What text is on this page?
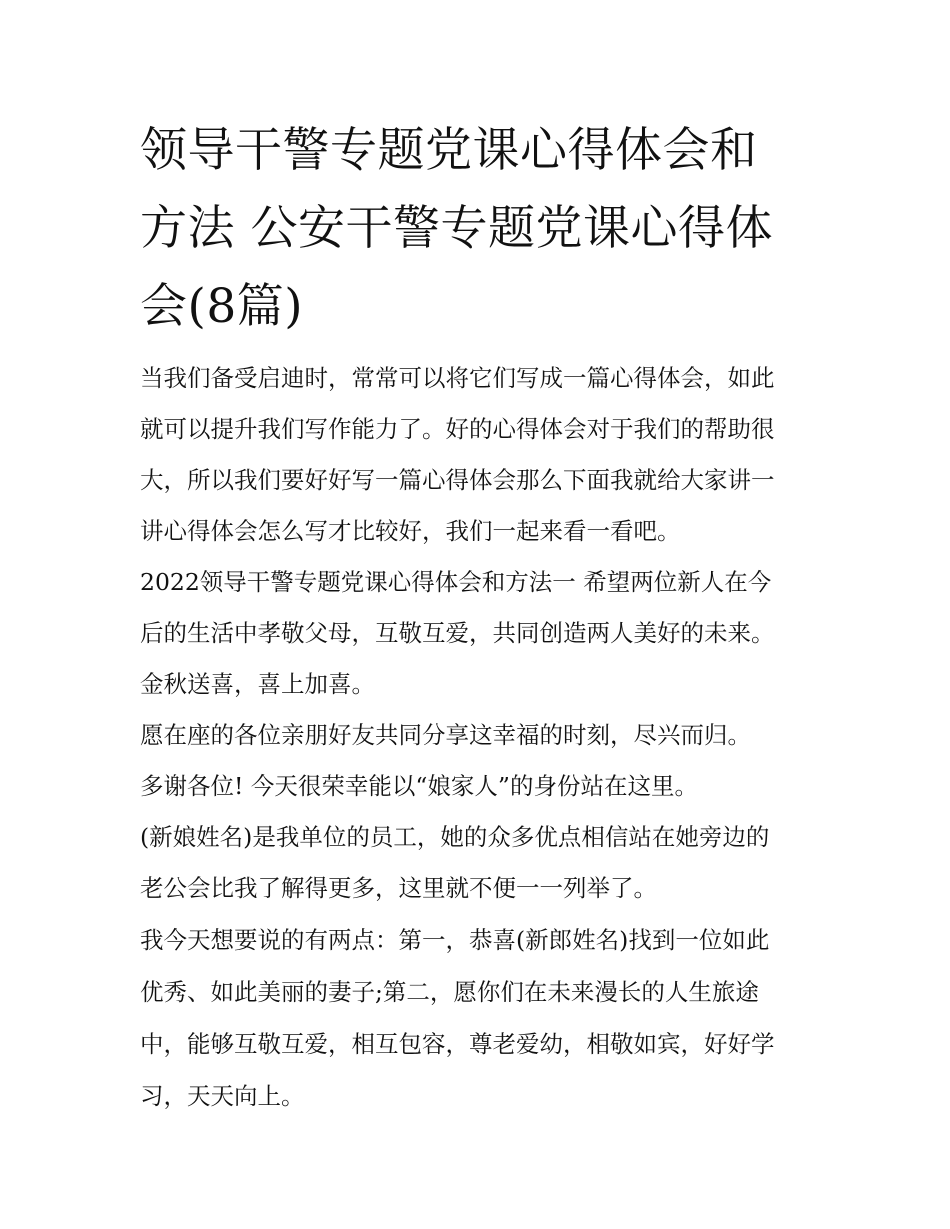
领导干警专题党课心得体会和
方法 公安干警专题党课心得体
会(8篇)
当我们备受启迪时，常常可以将它们写成一篇心得体会，如此
就可以提升我们写作能力了。好的心得体会对于我们的帮助很
大，所以我们要好好写一篇心得体会那么下面我就给大家讲一
讲心得体会怎么写才比较好，我们一起来看一看吧。
2022领导干警专题党课心得体会和方法一 希望两位新人在今
后的生活中孝敬父母，互敬互爱，共同创造两人美好的未来。
金秋送喜，喜上加喜。
愿在座的各位亲朋好友共同分享这幸福的时刻，尽兴而归。
多谢各位! 今天很荣幸能以“娘家人”的身份站在这里。
(新娘姓名)是我单位的员工，她的众多优点相信站在她旁边的
老公会比我了解得更多，这里就不便一一列举了。
我今天想要说的有两点：第一，恭喜(新郎姓名)找到一位如此
优秀、如此美丽的妻子;第二，愿你们在未来漫长的人生旅途
中，能够互敬互爱，相互包容，尊老爱幼，相敬如宾，好好学
习，天天向上。
